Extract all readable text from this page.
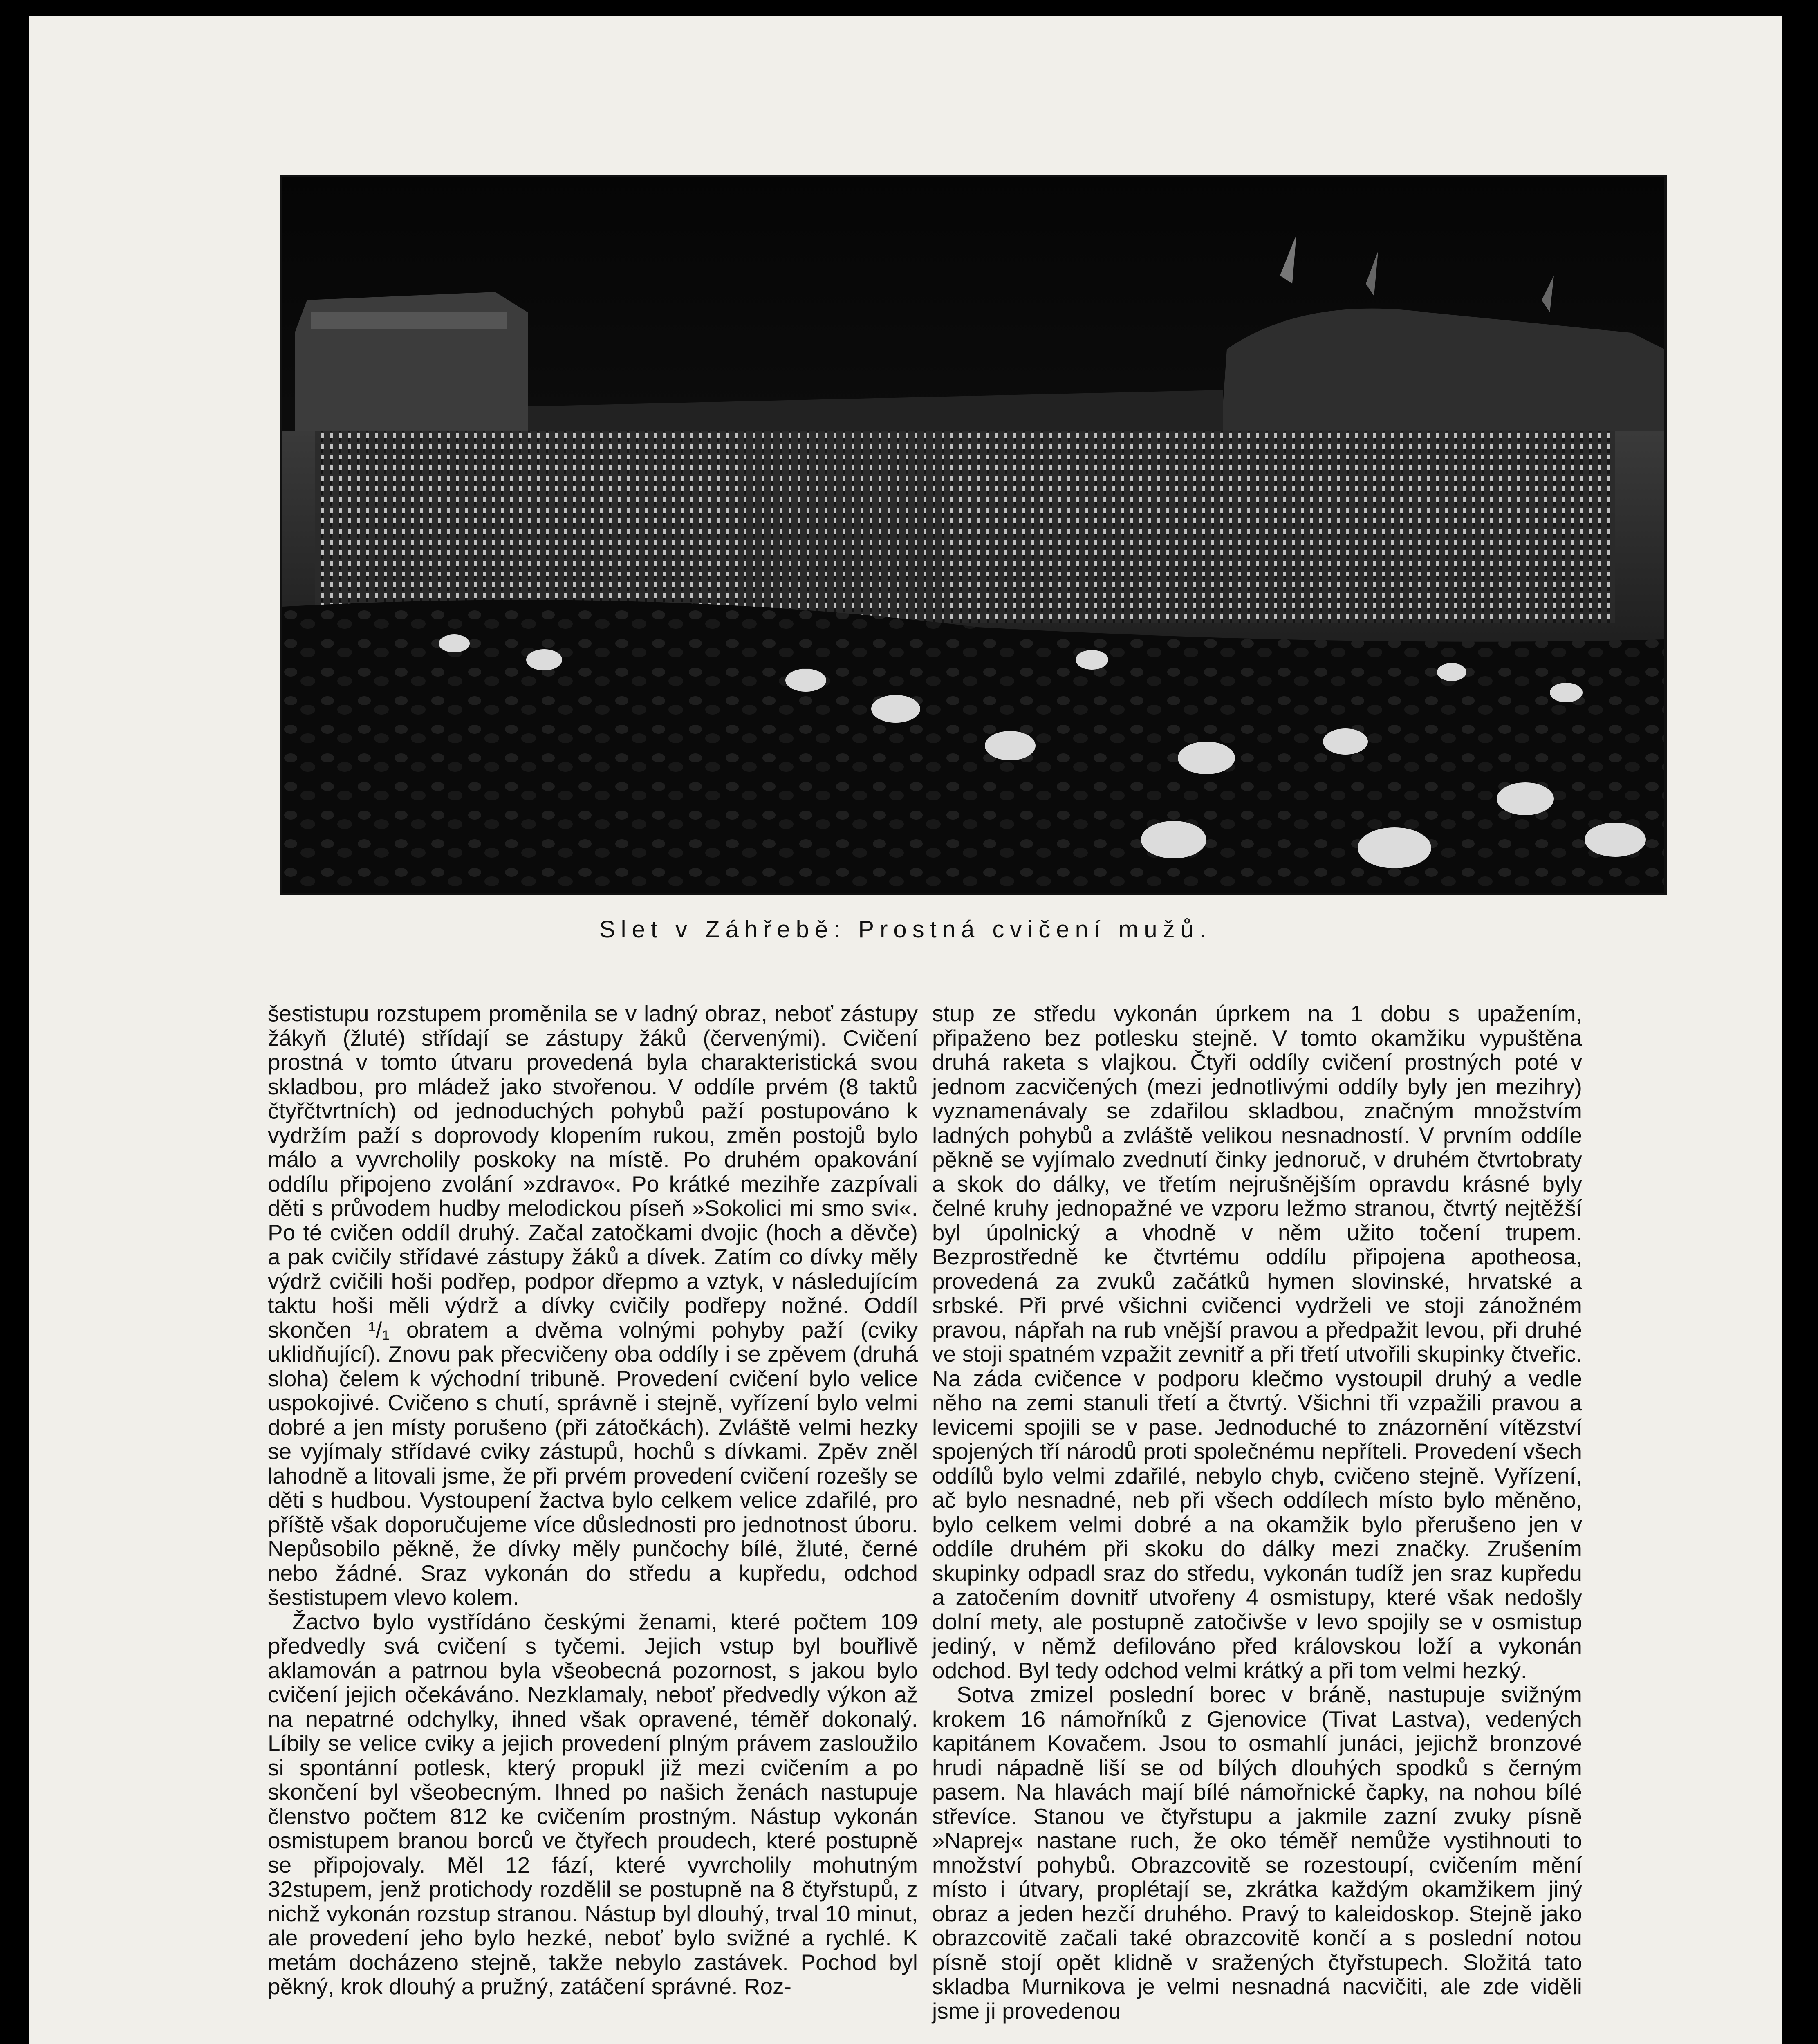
Slet v Záhřebě: Prostná cvičení mužů.

šestistupu rozstupem proměnila se v ladný obraz, neboť zástupy žákyň (žluté) střídají se zástupy žáků (červenými). Cvičení prostná v tomto útvaru provedená byla charakteristická svou skladbou, pro mládež jako stvořenou. V oddíle prvém (8 taktů čtyřčtvrtních) od jednoduchých pohybů paží postupováno k vydržím paží s doprovody klopením rukou, změn postojů bylo málo a vyvrcholily poskoky na místě. Po druhém opakování oddílu připojeno zvolání »zdravo«. Po krátké mezihře zazpívali děti s průvodem hudby melodickou píseň »Sokolici mi smo svi«. Po té cvičen oddíl druhý. Začal zatočkami dvojic (hoch a děvče) a pak cvičily střídavé zástupy žáků a dívek. Zatím co dívky měly výdrž cvičili hoši podřep, podpor dřepmo a vztyk, v následujícím taktu hoši měli výdrž a dívky cvičily podřepy nožné. Oddíl skončen ¹/₁ obratem a dvěma volnými pohyby paží (cviky uklidňující). Znovu pak přecvičeny oba oddíly i se zpěvem (druhá sloha) čelem k východní tribuně. Provedení cvičení bylo velice uspokojivé. Cvičeno s chutí, správně i stejně, vyřízení bylo velmi dobré a jen místy porušeno (při zátočkách). Zvláště velmi hezky se vyjímaly střídavé cviky zástupů, hochů s dívkami. Zpěv zněl lahodně a litovali jsme, že při prvém provedení cvičení rozešly se děti s hudbou. Vystoupení žactva bylo celkem velice zdařilé, pro příště však doporučujeme více důslednosti pro jednotnost úboru. Nepůsobilo pěkně, že dívky měly punčochy bílé, žluté, černé nebo žádné. Sraz vykonán do středu a kupředu, odchod šestistupem vlevo kolem.

Žactvo bylo vystřídáno českými ženami, které počtem 109 předvedly svá cvičení s tyčemi. Jejich vstup byl bouřlivě aklamován a patrnou byla všeobecná pozornost, s jakou bylo cvičení jejich očekáváno. Nezklamaly, neboť předvedly výkon až na nepatrné odchylky, ihned však opravené, téměř dokonalý. Líbily se velice cviky a jejich provedení plným právem zasloužilo si spontánní potlesk, který propukl již mezi cvičením a po skončení byl všeobecným. Ihned po našich ženách nastupuje členstvo počtem 812 ke cvičením prostným. Nástup vykonán osmistupem branou borců ve čtyřech proudech, které postupně se připojovaly. Měl 12 fází, které vyvrcholily mohutným 32stupem, jenž protichody rozdělil se postupně na 8 čtyřstupů, z nichž vykonán rozstup stranou. Nástup byl dlouhý, trval 10 minut, ale provedení jeho bylo hezké, neboť bylo svižné a rychlé. K metám docházeno stejně, takže nebylo zastávek. Pochod byl pěkný, krok dlouhý a pružný, zatáčení správné. Roz-

stup ze středu vykonán úprkem na 1 dobu s upažením, připaženo bez potlesku stejně. V tomto okamžiku vypuštěna druhá raketa s vlajkou. Čtyři oddíly cvičení prostných poté v jednom zacvičených (mezi jednotlivými oddíly byly jen mezihry) vyznamenávaly se zdařilou skladbou, značným množstvím ladných pohybů a zvláště velikou nesnadností. V prvním oddíle pěkně se vyjímalo zvednutí činky jednoruč, v druhém čtvrtobraty a skok do dálky, ve třetím nejrušnějším opravdu krásné byly čelné kruhy jednopažné ve vzporu ležmo stranou, čtvrtý nejtěžší byl úpolnický a vhodně v něm užito točení trupem. Bezprostředně ke čtvrtému oddílu připojena apotheosa, provedená za zvuků začátků hymen slovinské, hrvatské a srbské. Při prvé všichni cvičenci vydrželi ve stoji zánožném pravou, nápřah na rub vnější pravou a předpažit levou, při druhé ve stoji spatném vzpažit zevnitř a při třetí utvořili skupinky čtveřic. Na záda cvičence v podporu klečmo vystoupil druhý a vedle něho na zemi stanuli třetí a čtvrtý. Všichni tři vzpažili pravou a levicemi spojili se v pase. Jednoduché to znázornění vítězství spojených tří národů proti společnému nepříteli. Provedení všech oddílů bylo velmi zdařilé, nebylo chyb, cvičeno stejně. Vyřízení, ač bylo nesnadné, neb při všech oddílech místo bylo měněno, bylo celkem velmi dobré a na okamžik bylo přerušeno jen v oddíle druhém při skoku do dálky mezi značky. Zrušením skupinky odpadl sraz do středu, vykonán tudíž jen sraz kupředu a zatočením dovnitř utvořeny 4 osmistupy, které však nedošly dolní mety, ale postupně zatočivše v levo spojily se v osmistup jediný, v němž defilováno před královskou loží a vykonán odchod. Byl tedy odchod velmi krátký a při tom velmi hezký.

Sotva zmizel poslední borec v bráně, nastupuje svižným krokem 16 námořníků z Gjenovice (Tivat Lastva), vedených kapitánem Kovačem. Jsou to osmahlí junáci, jejichž bronzové hrudi nápadně liší se od bílých dlouhých spodků s černým pasem. Na hlavách mají bílé námořnické čapky, na nohou bílé střevíce. Stanou ve čtyřstupu a jakmile zazní zvuky písně »Naprej« nastane ruch, že oko téměř nemůže vystihnouti to množství pohybů. Obrazcovitě se rozestoupí, cvičením mění místo i útvary, proplétají se, zkrátka každým okamžikem jiný obraz a jeden hezčí druhého. Pravý to kaleidoskop. Stejně jako obrazcovitě začali také obrazcovitě končí a s poslední notou písně stojí opět klidně v sražených čtyřstupech. Složitá tato skladba Murnikova je velmi nesnadná nacvičiti, ale zde viděli jsme ji provedenou
